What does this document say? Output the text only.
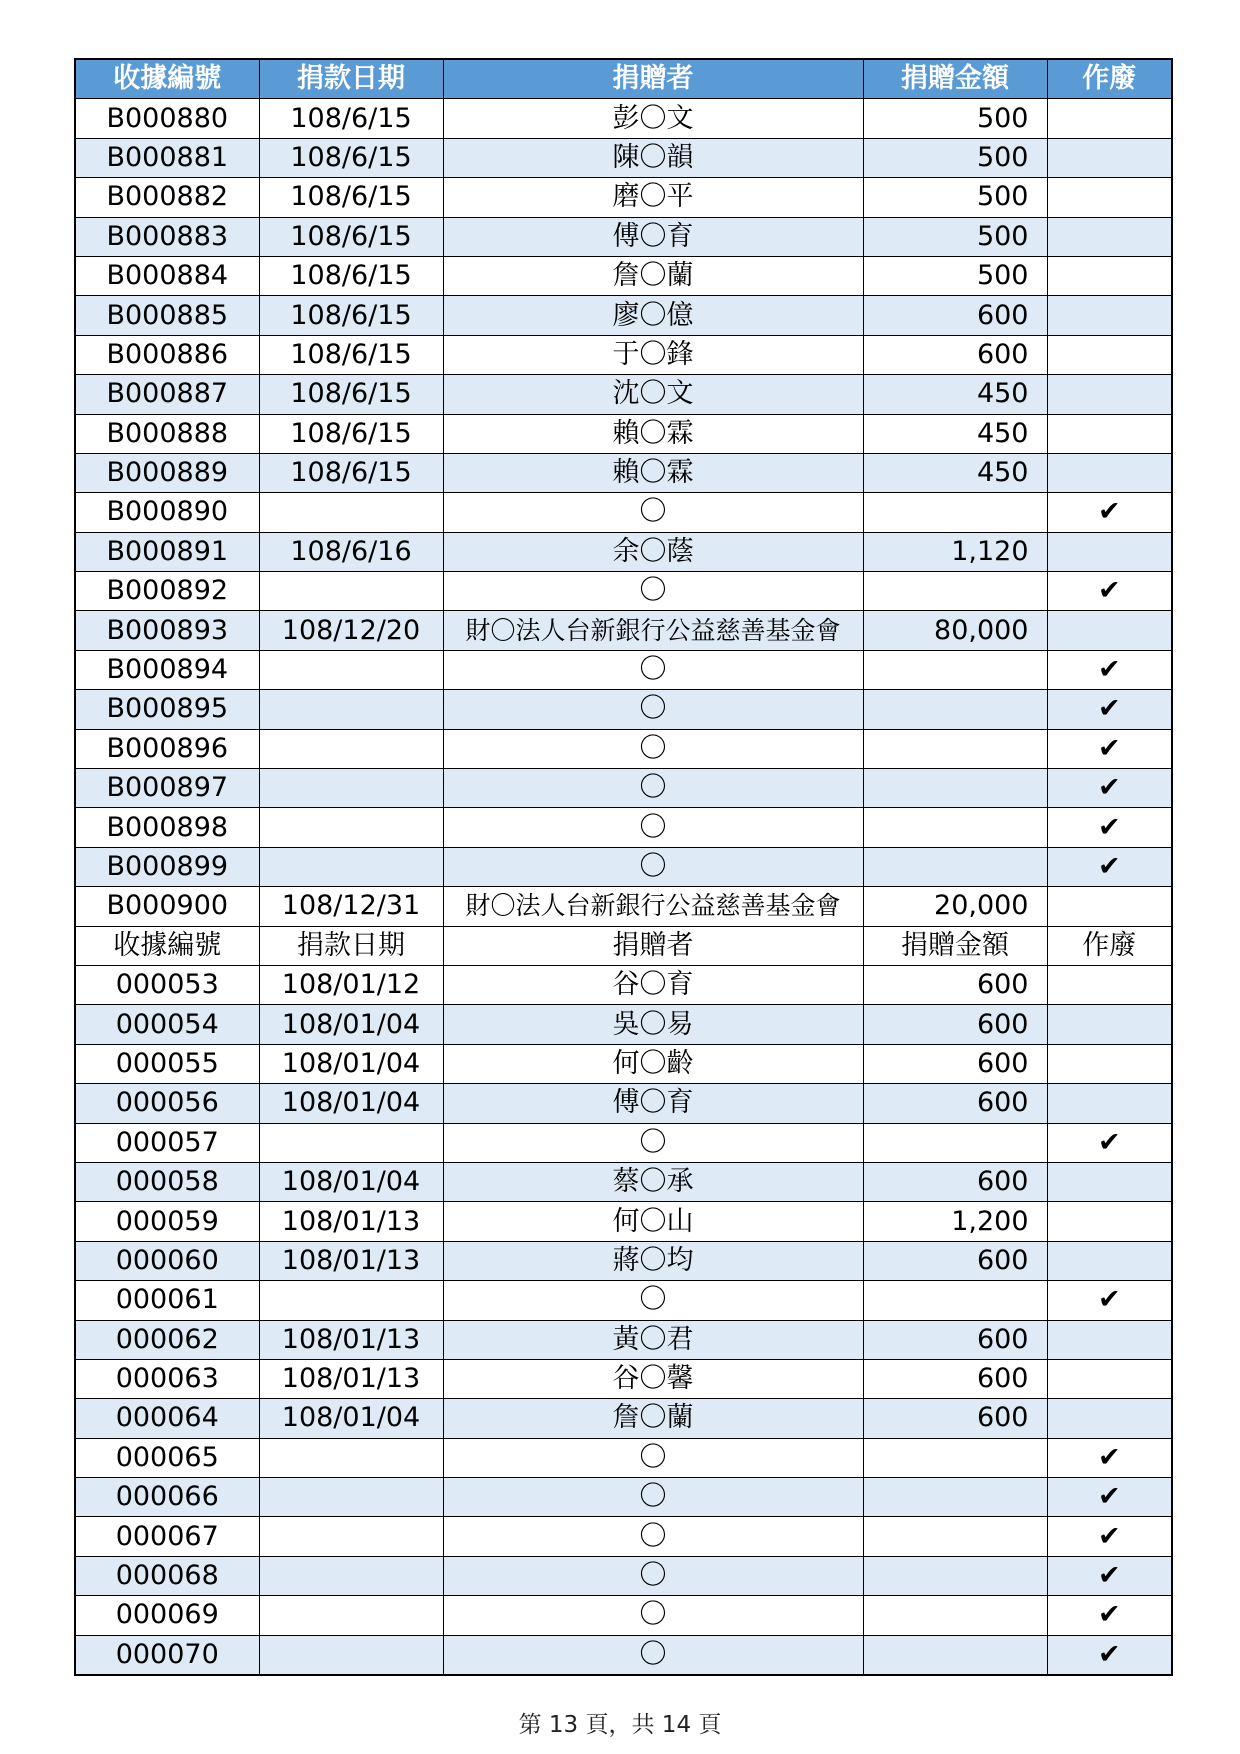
收據編號	捐款日期	捐贈者	捐贈金額	作廢
B000880	108/6/15	彭〇文	500	
B000881	108/6/15	陳〇韻	500	
B000882	108/6/15	磨〇平	500	
B000883	108/6/15	傅〇育	500	
B000884	108/6/15	詹〇蘭	500	
B000885	108/6/15	廖〇億	600	
B000886	108/6/15	于〇鋒	600	
B000887	108/6/15	沈〇文	450	
B000888	108/6/15	賴〇霖	450	
B000889	108/6/15	賴〇霖	450	
B000890		〇		✔
B000891	108/6/16	余〇蔭	1,120	
B000892		〇		✔
B000893	108/12/20	財〇法人台新銀行公益慈善基金會	80,000	
B000894		〇		✔
B000895		〇		✔
B000896		〇		✔
B000897		〇		✔
B000898		〇		✔
B000899		〇		✔
B000900	108/12/31	財〇法人台新銀行公益慈善基金會	20,000	
收據編號	捐款日期	捐贈者	捐贈金額	作廢
000053	108/01/12	谷〇育	600	
000054	108/01/04	吳〇易	600	
000055	108/01/04	何〇齡	600	
000056	108/01/04	傅〇育	600	
000057		〇		✔
000058	108/01/04	蔡〇承	600	
000059	108/01/13	何〇山	1,200	
000060	108/01/13	蔣〇均	600	
000061		〇		✔
000062	108/01/13	黃〇君	600	
000063	108/01/13	谷〇馨	600	
000064	108/01/04	詹〇蘭	600	
000065		〇		✔
000066		〇		✔
000067		〇		✔
000068		〇		✔
000069		〇		✔
000070		〇		✔
第 13 頁，共 14 頁
